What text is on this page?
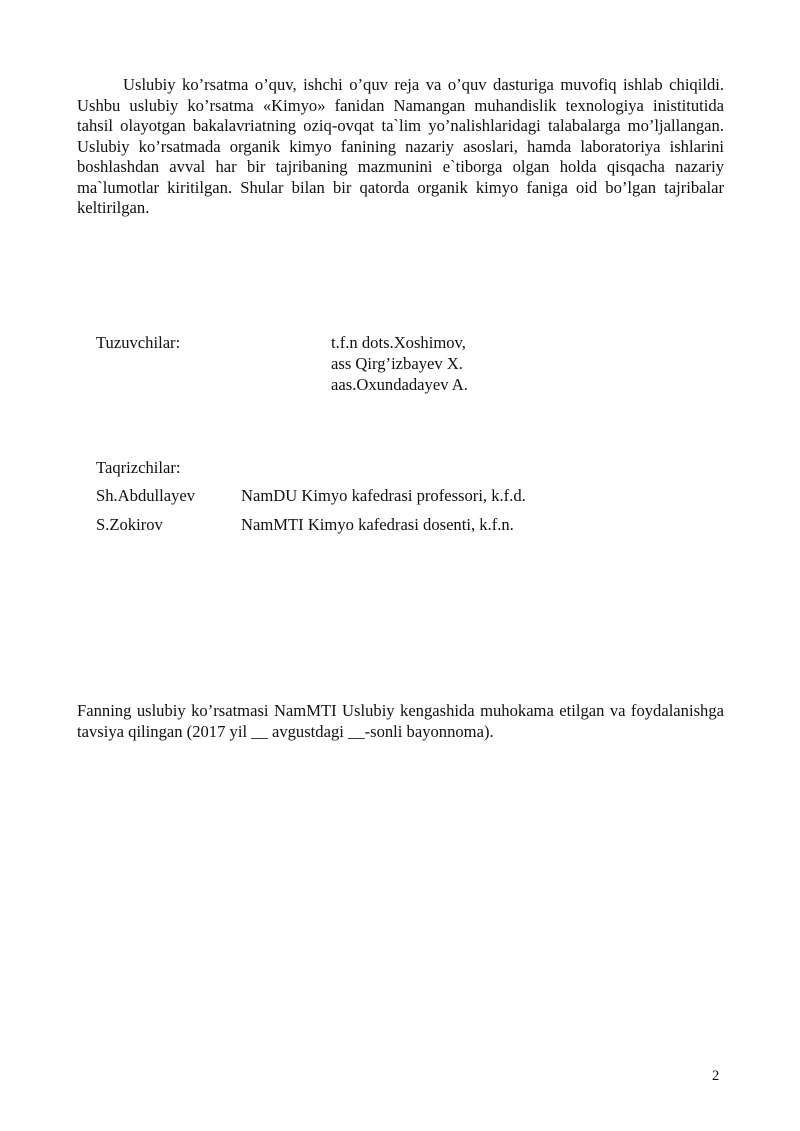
Uslubiy ko’rsatma o’quv, ishchi o’quv reja va o’quv dasturiga muvofiq ishlab chiqildi. Ushbu uslubiy ko’rsatma «Kimyo» fanidan Namangan muhandislik texnologiya inistitutida tahsil olayotgan bakalavriatning oziq-ovqat ta`lim yo’nalishlaridagi talabalarga mo’ljallangan. Uslubiy ko’rsatmada organik kimyo fanining nazariy asoslari, hamda laboratoriya ishlarini boshlashdan avval har bir tajribaning mazmunini e`tiborga olgan holda qisqacha nazariy ma`lumotlar kiritilgan. Shular bilan bir qatorda organik kimyo faniga oid bo’lgan tajribalar keltirilgan.

Tuzuvchilar:	t.f.n dots.Xoshimov,
ass Qirg’izbayev X.
aas.Oxundadayev A.
Taqrizchilar:
Sh.Abdullayev	NamDU Kimyo kafedrasi professori, k.f.d.
S.Zokirov	NamMTI Kimyo kafedrasi dosenti, k.f.n.

Fanning uslubiy ko’rsatmasi NamMTI Uslubiy kengashida muhokama etilgan va foydalanishga tavsiya qilingan (2017 yil __ avgustdagi __-sonli bayonnoma).

2
